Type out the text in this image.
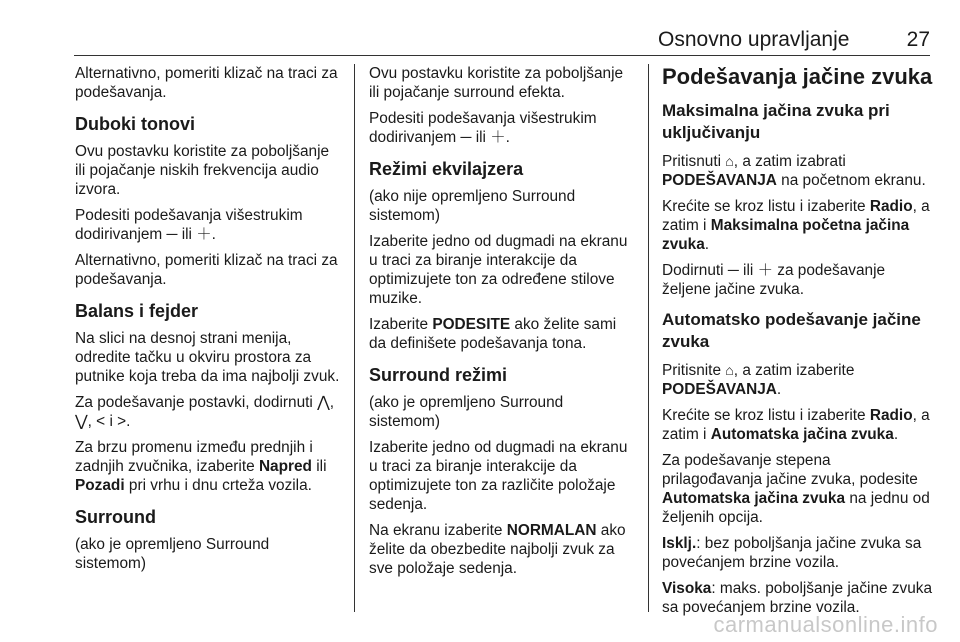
Osnovno upravljanje	27

Alternativno, pomeriti klizač na traci za podešavanja.

Duboki tonovi

Ovu postavku koristite za poboljšanje ili pojačanje niskih frekvencija audio izvora.

Podesiti podešavanja višestrukim dodirivanjem ─ ili ＋.

Alternativno, pomeriti klizač na traci za podešavanja.

Balans i fejder

Na slici na desnoj strani menija, odredite tačku u okviru prostora za putnike koja treba da ima najbolji zvuk.

Za podešavanje postavki, dodirnuti ⋀, ⋁, < i >.

Za brzu promenu između prednjih i zadnjih zvučnika, izaberite Napred ili Pozadi pri vrhu i dnu crteža vozila.

Surround

(ako je opremljeno Surround sistemom)

Ovu postavku koristite za poboljšanje ili pojačanje surround efekta.

Podesiti podešavanja višestrukim dodirivanjem ─ ili ＋.

Režimi ekvilajzera

(ako nije opremljeno Surround sistemom)

Izaberite jedno od dugmadi na ekranu u traci za biranje interakcije da optimizujete ton za određene stilove muzike.

Izaberite PODESITE ako želite sami da definišete podešavanja tona.

Surround režimi

(ako je opremljeno Surround sistemom)

Izaberite jedno od dugmadi na ekranu u traci za biranje interakcije da optimizujete ton za različite položaje sedenja.

Na ekranu izaberite NORMALAN ako želite da obezbedite najbolji zvuk za sve položaje sedenja.

Podešavanja jačine zvuka
Maksimalna jačina zvuka pri uključivanju

Pritisnuti ⌂, a zatim izabrati PODEŠAVANJA na početnom ekranu.

Krećite se kroz listu i izaberite Radio, a zatim i Maksimalna početna jačina zvuka.

Dodirnuti ─ ili ＋ za podešavanje željene jačine zvuka.

Automatsko podešavanje jačine zvuka

Pritisnite ⌂, a zatim izaberite PODEŠAVANJA.

Krećite se kroz listu i izaberite Radio, a zatim i Automatska jačina zvuka.

Za podešavanje stepena prilagođavanja jačine zvuka, podesite Automatska jačina zvuka na jednu od željenih opcija.

Isklj.: bez poboljšanja jačine zvuka sa povećanjem brzine vozila.

Visoka: maks. poboljšanje jačine zvuka sa povećanjem brzine vozila.

carmanualsonline.info
